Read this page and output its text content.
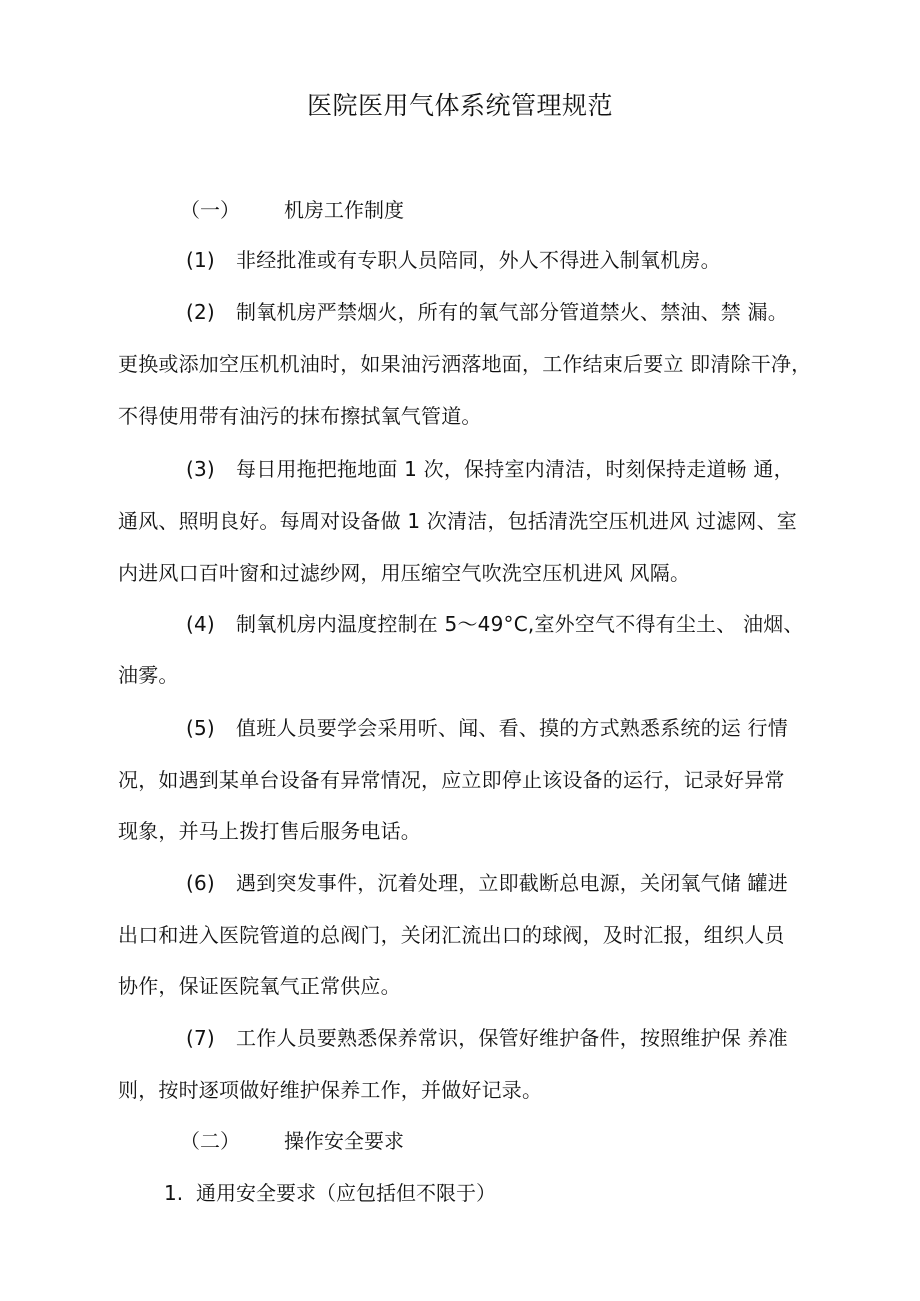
医院医用气体系统管理规范
（一） 机房工作制度
(1) 非经批准或有专职人员陪同，外人不得进入制氧机房。
(2) 制氧机房严禁烟火，所有的氧气部分管道禁火、禁油、禁 漏。
更换或添加空压机机油时，如果油污洒落地面，工作结束后要立 即清除干净，
不得使用带有油污的抹布擦拭氧气管道。
(3) 每日用拖把拖地面 1 次，保持室内清洁，时刻保持走道畅 通，
通风、照明良好。每周对设备做 1 次清洁，包括清洗空压机进风 过滤网、室
内进风口百叶窗和过滤纱网，用压缩空气吹洗空压机进风 风隔。
(4) 制氧机房内温度控制在 5～49°C,室外空气不得有尘土、 油烟、
油雾。
(5) 值班人员要学会采用听、闻、看、摸的方式熟悉系统的运 行情
况，如遇到某单台设备有异常情况，应立即停止该设备的运行，记录好异常
现象，并马上拨打售后服务电话。
(6) 遇到突发事件，沉着处理，立即截断总电源，关闭氧气储 罐进
出口和进入医院管道的总阀门，关闭汇流出口的球阀，及时汇报，组织人员
协作，保证医院氧气正常供应。
(7) 工作人员要熟悉保养常识，保管好维护备件，按照维护保 养准
则，按时逐项做好维护保养工作，并做好记录。
（二） 操作安全要求
1. 通用安全要求（应包括但不限于）
